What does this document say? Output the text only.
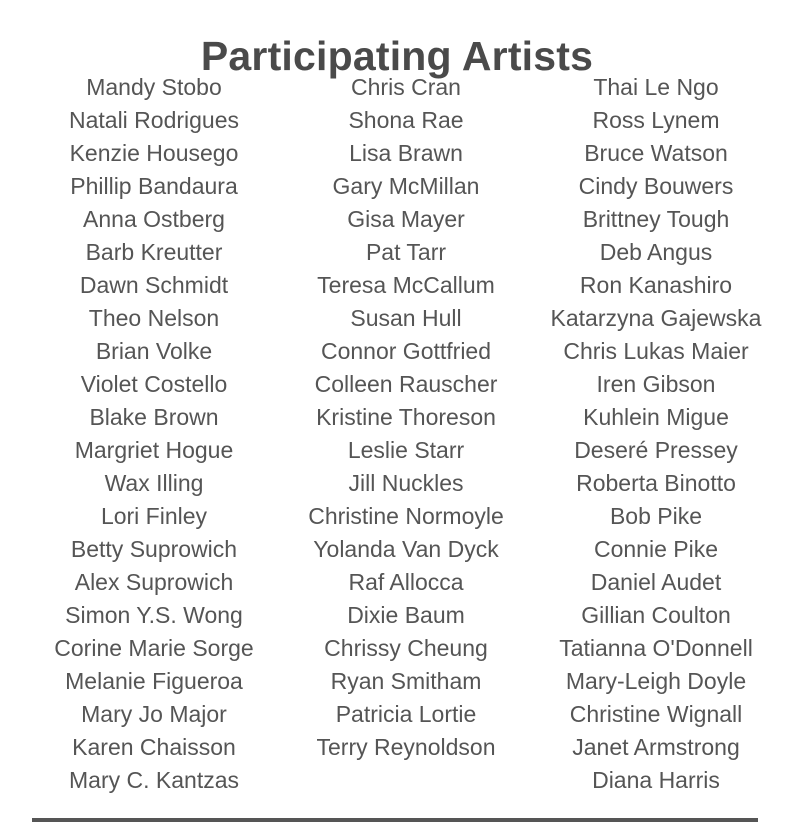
Participating Artists
Mandy Stobo
Natali Rodrigues
Kenzie Housego
Phillip Bandaura
Anna Ostberg
Barb Kreutter
Dawn Schmidt
Theo Nelson
Brian Volke
Violet Costello
Blake Brown
Margriet Hogue
Wax Illing
Lori Finley
Betty Suprowich
Alex Suprowich
Simon Y.S. Wong
Corine Marie Sorge
Melanie Figueroa
Mary Jo Major
Karen Chaisson
Mary C. Kantzas
Chris Cran
Shona Rae
Lisa Brawn
Gary McMillan
Gisa Mayer
Pat Tarr
Teresa McCallum
Susan Hull
Connor Gottfried
Colleen Rauscher
Kristine Thoreson
Leslie Starr
Jill Nuckles
Christine Normoyle
Yolanda Van Dyck
Raf Allocca
Dixie Baum
Chrissy Cheung
Ryan Smitham
Patricia Lortie
Terry Reynoldson
Thai Le Ngo
Ross Lynem
Bruce Watson
Cindy Bouwers
Brittney Tough
Deb Angus
Ron Kanashiro
Katarzyna Gajewska
Chris Lukas Maier
Iren Gibson
Kuhlein Migue
Deseré Pressey
Roberta Binotto
Bob Pike
Connie Pike
Daniel Audet
Gillian Coulton
Tatianna O'Donnell
Mary-Leigh Doyle
Christine Wignall
Janet Armstrong
Diana Harris
